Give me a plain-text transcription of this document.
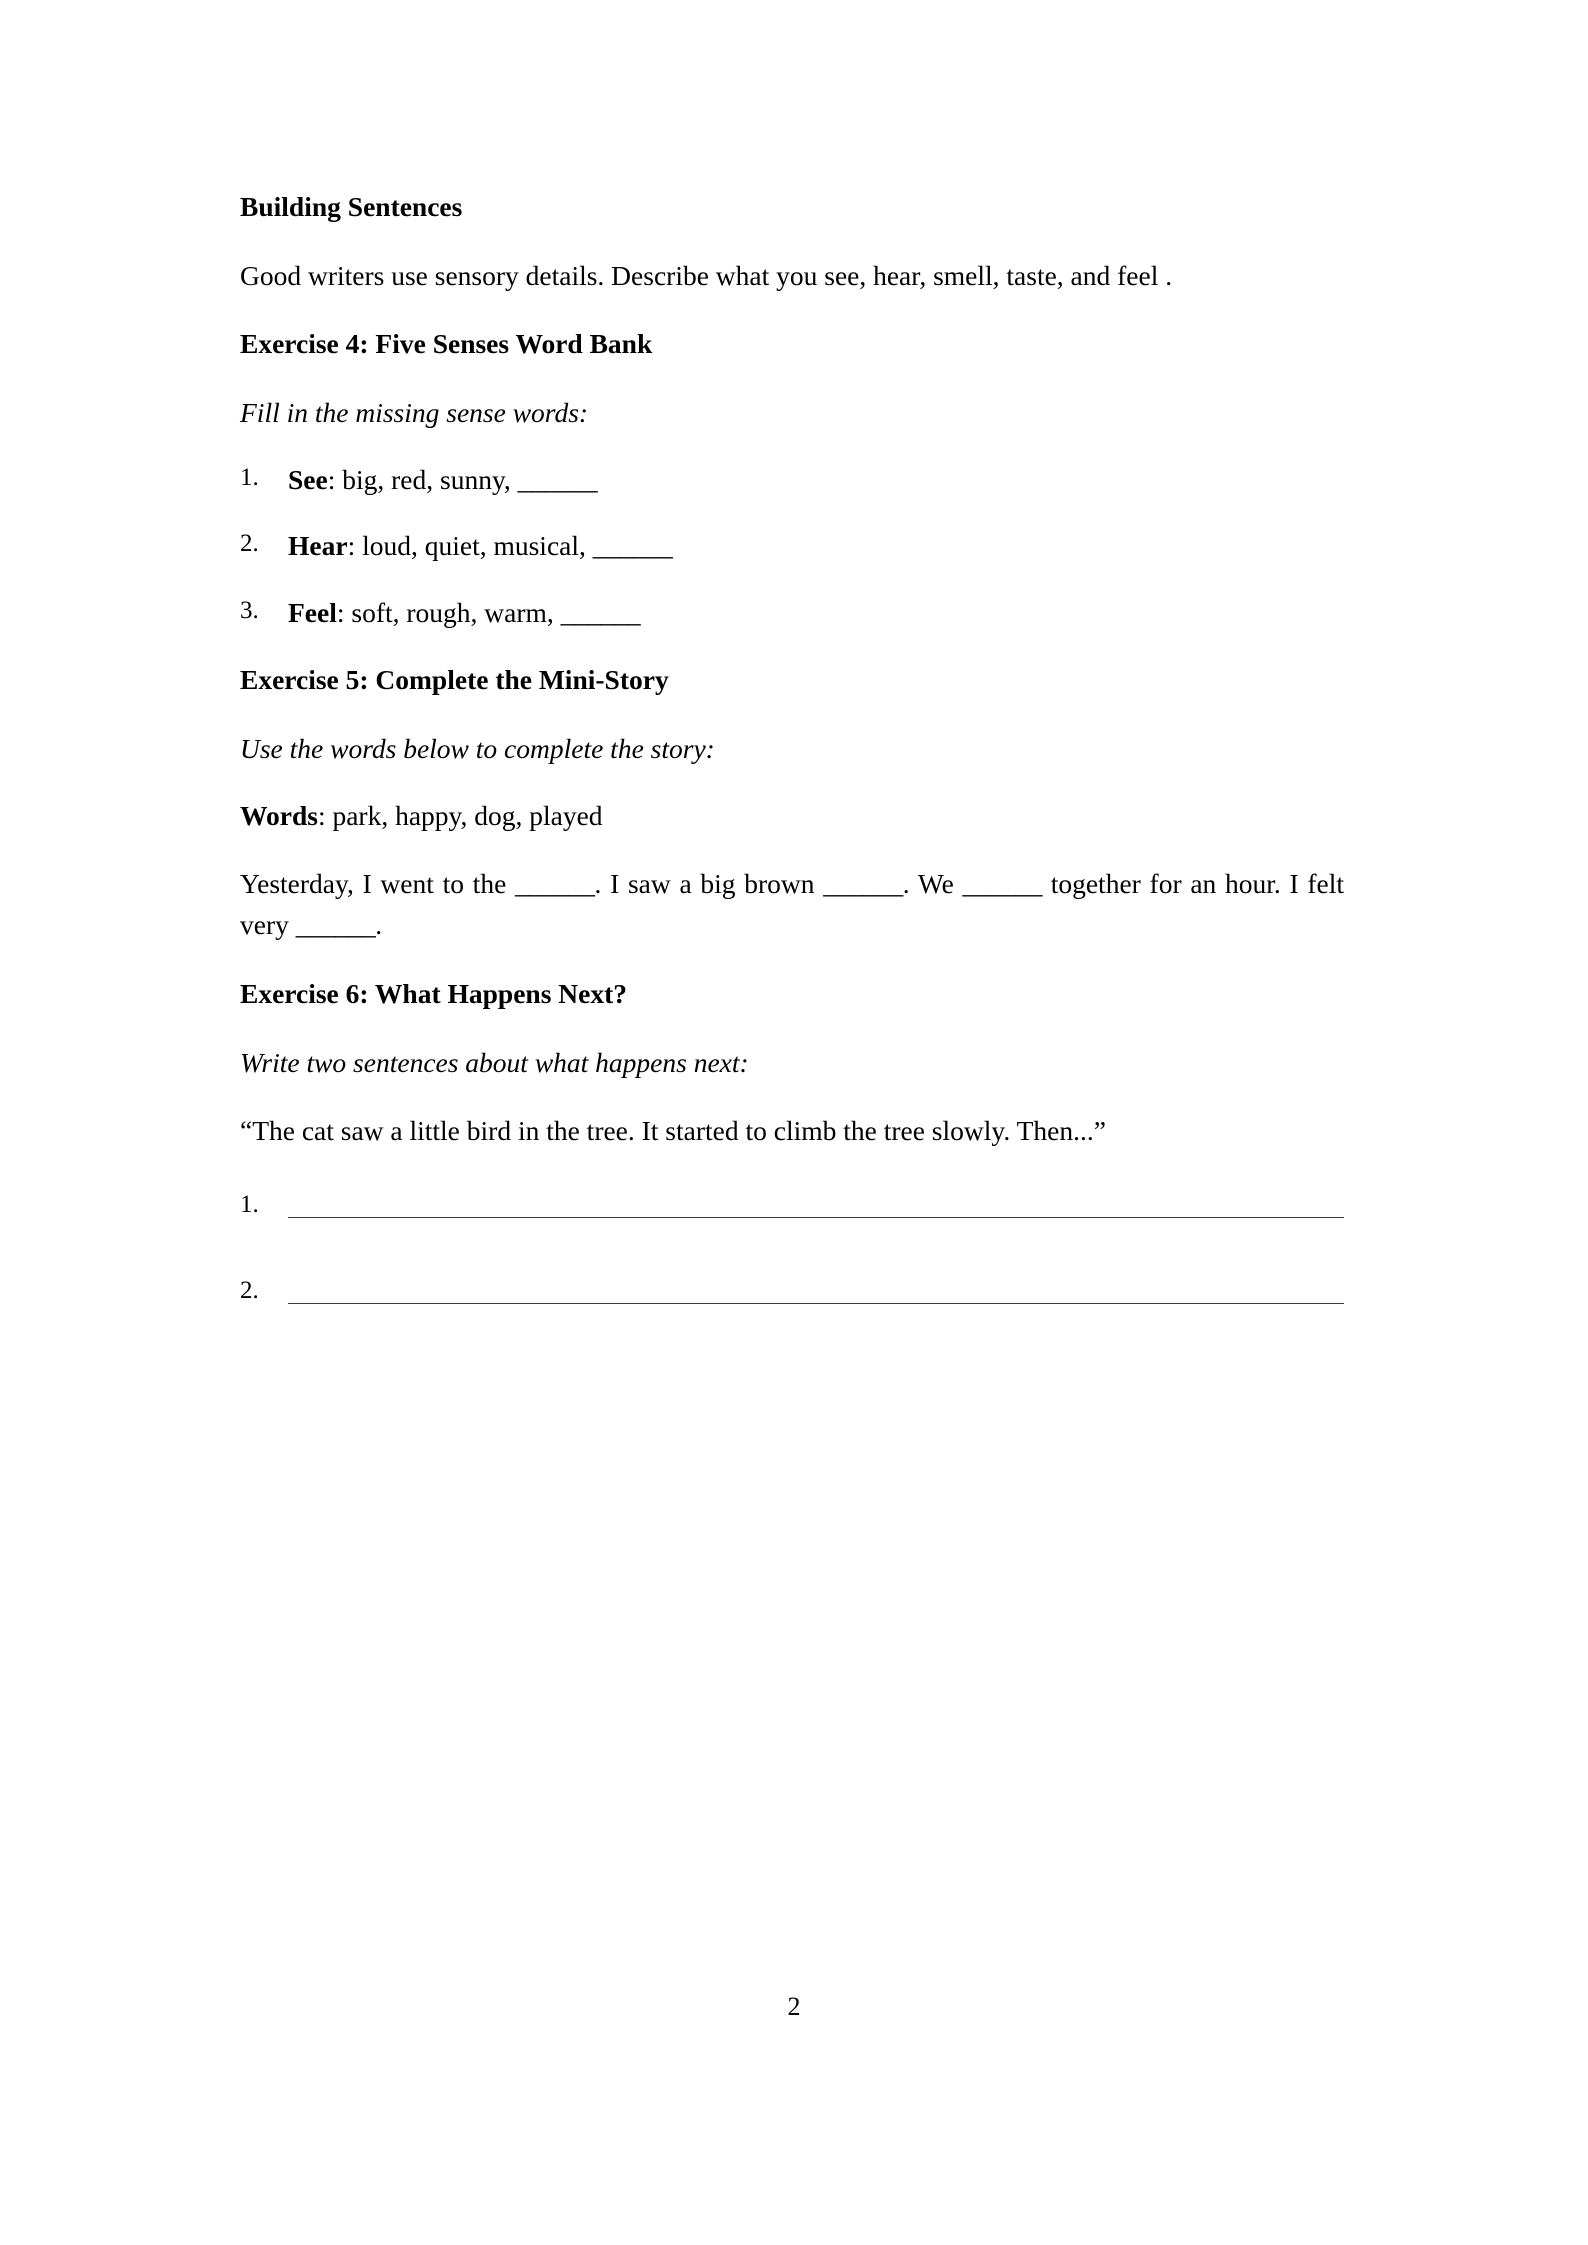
Building Sentences

Good writers use sensory details. Describe what you see, hear, smell, taste, and feel .

Exercise 4: Five Senses Word Bank

Fill in the missing sense words:

1. See: big, red, sunny, ______
2. Hear: loud, quiet, musical, ______
3. Feel: soft, rough, warm, ______

Exercise 5: Complete the Mini-Story

Use the words below to complete the story:

Words: park, happy, dog, played

Yesterday, I went to the ______. I saw a big brown ______. We ______ together for an hour. I felt very ______.

Exercise 6: What Happens Next?

Write two sentences about what happens next:

“The cat saw a little bird in the tree. It started to climb the tree slowly. Then...”

1.
2.
2
